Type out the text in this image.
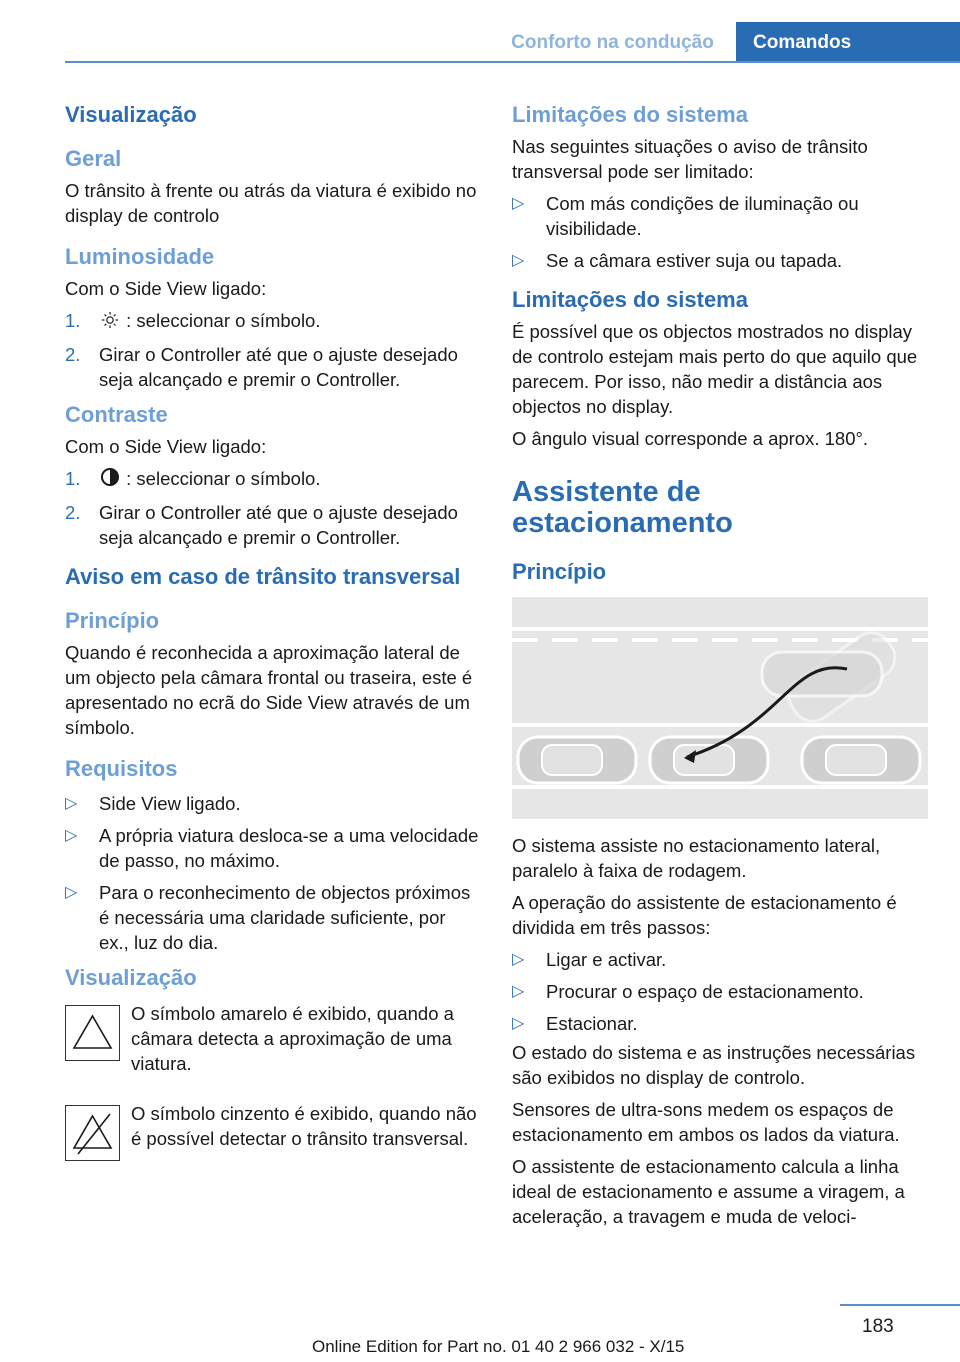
Conforto na condução	Comandos
Visualização
Geral
O trânsito à frente ou atrás da viatura é exibido no display de controlo
Luminosidade
Com o Side View ligado:
1. : seleccionar o símbolo.
2. Girar o Controller até que o ajuste desejado seja alcançado e premir o Controller.
Contraste
Com o Side View ligado:
1. : seleccionar o símbolo.
2. Girar o Controller até que o ajuste desejado seja alcançado e premir o Controller.
Aviso em caso de trânsito transversal
Princípio
Quando é reconhecida a aproximação lateral de um objecto pela câmara frontal ou traseira, este é apresentado no ecrã do Side View através de um símbolo.
Requisitos
▷ Side View ligado.
▷ A própria viatura desloca-se a uma velocidade de passo, no máximo.
▷ Para o reconhecimento de objectos próximos é necessária uma claridade suficiente, por ex., luz do dia.
Visualização
O símbolo amarelo é exibido, quando a câmara detecta a aproximação de uma viatura.
O símbolo cinzento é exibido, quando não é possível detectar o trânsito transversal.
Limitações do sistema
Nas seguintes situações o aviso de trânsito transversal pode ser limitado:
▷ Com más condições de iluminação ou visibilidade.
▷ Se a câmara estiver suja ou tapada.
Limitações do sistema
É possível que os objectos mostrados no display de controlo estejam mais perto do que aquilo que parecem. Por isso, não medir a distância aos objectos no display.
O ângulo visual corresponde a aprox. 180°.
Assistente de estacionamento
Princípio
O sistema assiste no estacionamento lateral, paralelo à faixa de rodagem.
A operação do assistente de estacionamento é dividida em três passos:
▷ Ligar e activar.
▷ Procurar o espaço de estacionamento.
▷ Estacionar.
O estado do sistema e as instruções necessárias são exibidos no display de controlo.
Sensores de ultra-sons medem os espaços de estacionamento em ambos os lados da viatura.
O assistente de estacionamento calcula a linha ideal de estacionamento e assume a viragem, a aceleração, a travagem e muda de veloci-
183
Online Edition for Part no. 01 40 2 966 032 - X/15
